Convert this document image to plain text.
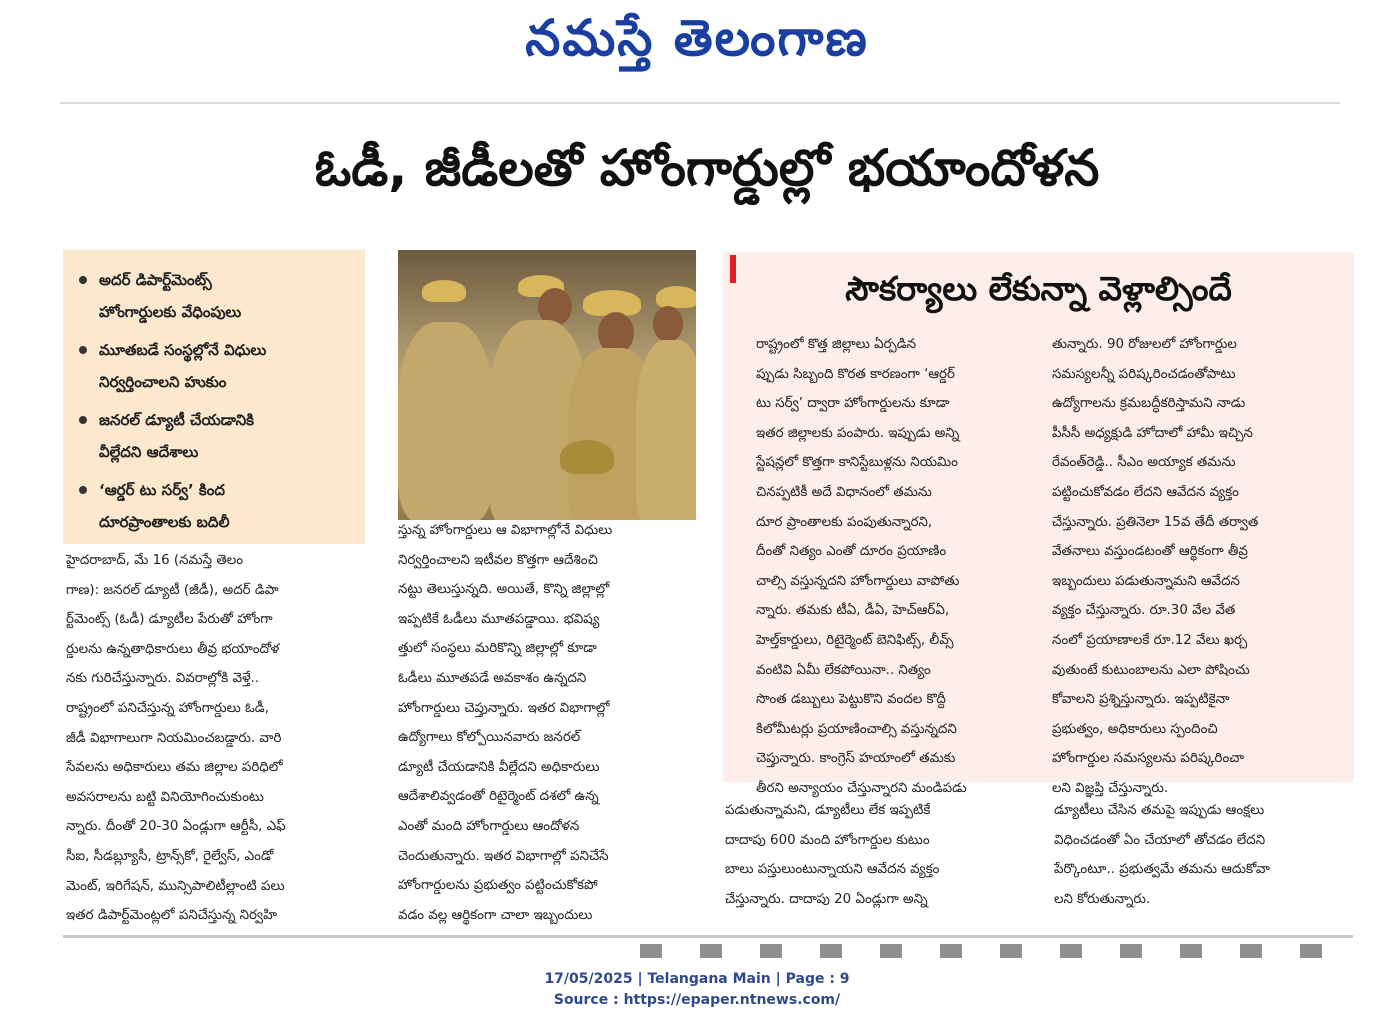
నమస్తే తెలంగాణ
ఓడీ, జీడీలతో హోంగార్డుల్లో భయాందోళన
అదర్ డిపార్ట్‌మెంట్స్
హోంగార్డులకు వేధింపులు
మూతబడే సంస్థల్లోనే విధులు
నిర్వర్తించాలని హుకుం
జనరల్ డ్యూటీ చేయడానికి
వీల్లేదని ఆదేశాలు
‘ఆర్డర్ టు సర్వ్’ కింద
దూరప్రాంతాలకు బదిలీ
హైదరాబాద్, మే 16 (నమస్తే తెలం
గాణ): జనరల్ డ్యూటీ (జీడీ), అదర్ డిపా
ర్ట్‌మెంట్స్ (ఓడీ) డ్యూటీల పేరుతో హోంగా
ర్డులను ఉన్నతాధికారులు తీవ్ర భయాందోళ
నకు గురిచేస్తున్నారు. వివరాల్లోకి వెళ్తే..
రాష్ట్రంలో పనిచేస్తున్న హోంగార్డులు ఓడీ,
జీడీ విభాగాలుగా నియమించబడ్డారు. వారి
సేవలను అధికారులు తమ జిల్లాల పరిధిలో
అవసరాలను బట్టి వినియోగించుకుంటు
న్నారు. దీంతో 20-30 ఏండ్లుగా ఆర్టీసీ, ఎఫ్
సీఐ, సీడబ్ల్యూసీ, ట్రాన్స్‌కో, రైల్వేస్, ఎండో
మెంట్, ఇరిగేషన్, మున్సిపాలిటీల్లాంటి పలు
ఇతర డిపార్ట్‌మెంట్లలో పనిచేస్తున్న నిర్వహి
స్తున్న హోంగార్డులు ఆ విభాగాల్లోనే విధులు
నిర్వర్తించాలని ఇటీవల కొత్తగా ఆదేశించి
నట్టు తెలుస్తున్నది. అయితే, కొన్ని జిల్లాల్లో
ఇప్పటికే ఓడీలు మూతపడ్డాయి. భవిష్య
త్తులో సంస్థలు మరికొన్ని జిల్లాల్లో కూడా
ఓడీలు మూతపడే అవకాశం ఉన్నదని
హోంగార్డులు చెప్తున్నారు. ఇతర విభాగాల్లో
ఉద్యోగాలు కోల్పోయినవారు జనరల్
డ్యూటీ చేయడానికి వీల్లేదని అధికారులు
ఆదేశాలివ్వడంతో రిటైర్మెంట్ దశలో ఉన్న
ఎంతో మంది హోంగార్డులు ఆందోళన
చెందుతున్నారు. ఇతర విభాగాల్లో పనిచేసే
హోంగార్డులను ప్రభుత్వం పట్టించుకోకపో
వడం వల్ల ఆర్థికంగా చాలా ఇబ్బందులు
సౌకర్యాలు లేకున్నా వెళ్లాల్సిందే
రాష్ట్రంలో కొత్త జిల్లాలు ఏర్పడిన
ప్పుడు సిబ్బంది కొరత కారణంగా ‘ఆర్డర్
టు సర్వ్’ ద్వారా హోంగార్డులను కూడా
ఇతర జిల్లాలకు పంపారు. ఇప్పుడు అన్ని
స్టేషన్లలో కొత్తగా కానిస్టేబుళ్లను నియమిం
చినప్పటికీ అదే విధానంలో తమను
దూర ప్రాంతాలకు పంపుతున్నారని,
దీంతో నిత్యం ఎంతో దూరం ప్రయాణిం
చాల్సి వస్తున్నదని హోంగార్డులు వాపోతు
న్నారు. తమకు టీఏ, డీఏ, హెచ్‌ఆర్‌ఏ,
హెల్త్‌కార్డులు, రిటైర్మెంట్ బెనిఫిట్స్, లీవ్స్
వంటివి ఏమీ లేకపోయినా.. నిత్యం
సొంత డబ్బులు పెట్టుకొని వందల కొద్దీ
కిలోమీటర్లు ప్రయాణించాల్సి వస్తున్నదని
చెప్తున్నారు. కాంగ్రెస్ హయాంలో తమకు
తీరని అన్యాయం చేస్తున్నారని మండిపడు
తున్నారు. 90 రోజులలో హోంగార్డుల
సమస్యలన్నీ పరిష్కరించడంతోపాటు
ఉద్యోగాలను క్రమబద్ధీకరిస్తామని నాడు
పీసీసీ అధ్యక్షుడి హోదాలో హామీ ఇచ్చిన
రేవంత్‌రెడ్డి.. సీఎం అయ్యాక తమను
పట్టించుకోవడం లేదని ఆవేదన వ్యక్తం
చేస్తున్నారు. ప్రతినెలా 15వ తేదీ తర్వాత
వేతనాలు వస్తుండటంతో ఆర్థికంగా తీవ్ర
ఇబ్బందులు పడుతున్నామని ఆవేదన
వ్యక్తం చేస్తున్నారు. రూ.30 వేల వేత
నంలో ప్రయాణాలకే రూ.12 వేలు ఖర్చ
వుతుంటే కుటుంబాలను ఎలా పోషించు
కోవాలని ప్రశ్నిస్తున్నారు. ఇప్పటికైనా
ప్రభుత్వం, అధికారులు స్పందించి
హోంగార్డుల సమస్యలను పరిష్కరించా
లని విజ్ఞప్తి చేస్తున్నారు.
పడుతున్నామని, డ్యూటీలు లేక ఇప్పటికే
దాదాపు 600 మంది హోంగార్డుల కుటుం
బాలు పస్తులుంటున్నాయని ఆవేదన వ్యక్తం
చేస్తున్నారు. దాదాపు 20 ఏండ్లుగా అన్ని
డ్యూటీలు చేసిన తమపై ఇప్పుడు ఆంక్షలు
విధించడంతో ఏం చేయాలో తోచడం లేదని
పేర్కొంటూ.. ప్రభుత్వమే తమను ఆదుకోవా
లని కోరుతున్నారు.
17/05/2025 | Telangana Main | Page : 9
Source : https://epaper.ntnews.com/
